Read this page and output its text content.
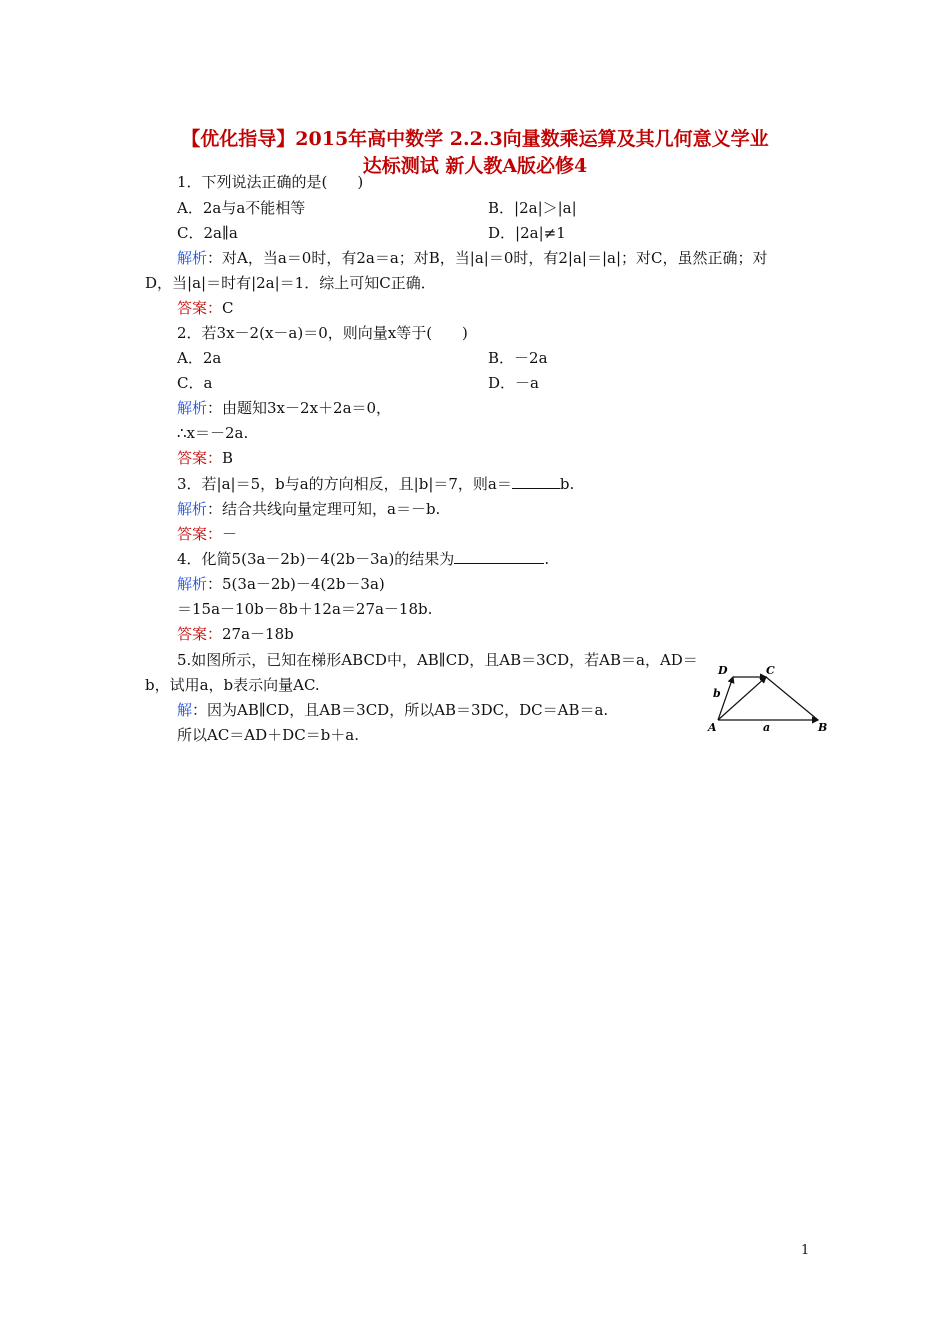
【优化指导】2015年高中数学 2.2.3向量数乘运算及其几何意义学业
达标测试 新人教A版必修4
1．下列说法正确的是(　　)
A．2a与a不能相等	B．|2a|＞|a|
C．2a∥a	D．|2a|≠1
解析：对A，当a＝0时，有2a＝a；对B，当|a|＝0时，有2|a|＝|a|；对C，虽然正确；对
D，当|a|＝时有|2a|＝1．综上可知C正确．
答案：C
2．若3x－2(x－a)＝0，则向量x等于(　　)
A．2a	B．－2a
C．a	D．－a
解析：由题知3x－2x＋2a＝0，
∴x＝－2a.
答案：B
3．若|a|＝5，b与a的方向相反，且|b|＝7，则a＝	b.
解析：结合共线向量定理可知，a＝－b.
答案：－
4．化简5(3a－2b)－4(2b－3a)的结果为	.
解析：5(3a－2b)－4(2b－3a)
＝15a－10b－8b＋12a＝27a－18b.
答案：27a－18b
5.如图所示，已知在梯形ABCD中，AB∥CD，且AB＝3CD，若AB＝a，AD＝
b，试用a，b表示向量AC.
解：因为AB∥CD，且AB＝3CD，所以AB＝3DC，DC＝AB＝a.
所以AC＝AD＋DC＝b＋a.	A	B
C
D
a
b
1
